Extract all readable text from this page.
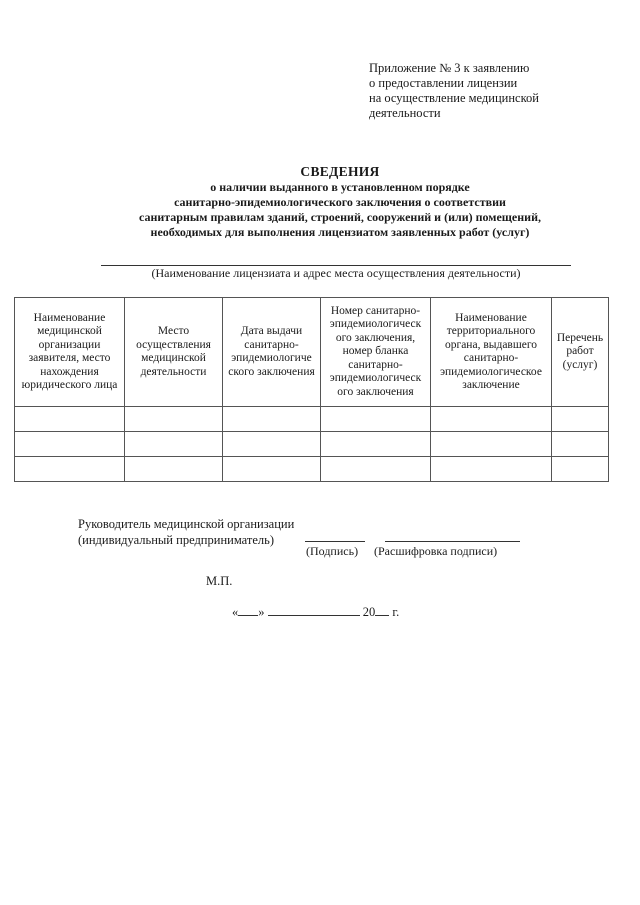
Приложение № 3 к заявлению
о предоставлении лицензии
на осуществление медицинской
деятельности
СВЕДЕНИЯ
о наличии выданного в установленном порядке
санитарно-эпидемиологического заключения о соответствии
санитарным правилам зданий, строений, сооружений и (или) помещений,
необходимых для выполнения лицензиатом заявленных работ (услуг)
(Наименование лицензиата и адрес места осуществления деятельности)
Наименование медицинской организации заявителя, место нахождения юридического лица	Место осуществления медицинской деятельности	Дата выдачи санитарно-эпидемиологиче ского заключения	Номер санитарно-эпидемиологическ ого заключения, номер бланка санитарно-эпидемиологическ ого заключения	Наименование территориального органа, выдавшего санитарно-эпидемиологическое заключение	Перечень работ (услуг)

Руководитель медицинской организации
(индивидуальный предприниматель)
(Подпись) (Расшифровка подписи)
М.П.
« »	20 г.
